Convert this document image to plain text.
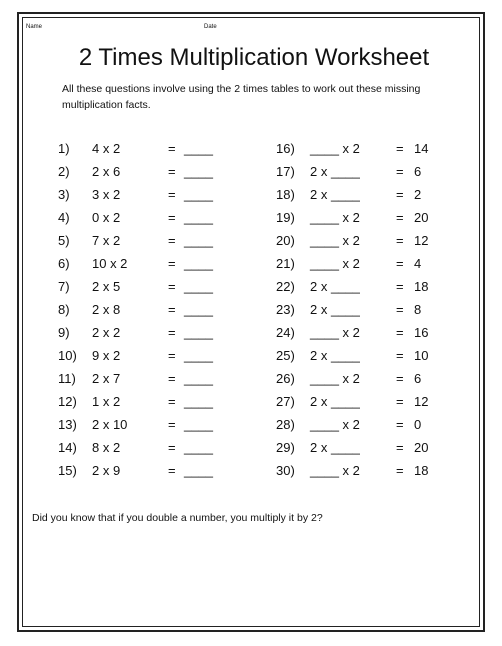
Name	Date
2 Times Multiplication Worksheet
All these questions involve using the 2 times tables to work out these missing multiplication facts.
1) 4 x 2	= ____	16) ____ x 2	= 14
2) 2 x 6	= ____	17) 2 x ____	= 6
3) 3 x 2	= ____	18) 2 x ____	= 2
4) 0 x 2	= ____	19) ____ x 2	= 20
5) 7 x 2	= ____	20) ____ x 2	= 12
6) 10 x 2	= ____	21) ____ x 2	= 4
7) 2 x 5	= ____	22) 2 x ____	= 18
8) 2 x 8	= ____	23) 2 x ____	= 8
9) 2 x 2	= ____	24) ____ x 2	= 16
10) 9 x 2	= ____	25) 2 x ____	= 10
11) 2 x 7	= ____	26) ____ x 2	= 6
12) 1 x 2	= ____	27) 2 x ____	= 12
13) 2 x 10	= ____	28) ____ x 2	= 0
14) 8 x 2	= ____	29) 2 x ____	= 20
15) 2 x 9	= ____	30) ____ x 2	= 18
Did you know that if you double a number, you multiply it by 2?
